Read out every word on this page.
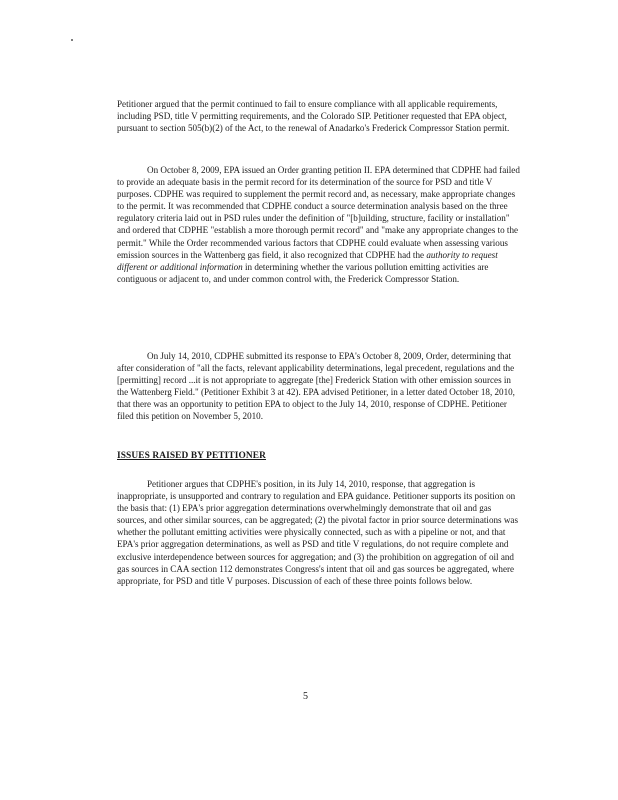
Petitioner argued that the permit continued to fail to ensure compliance with all applicable requirements, including PSD, title V permitting requirements, and the Colorado SIP. Petitioner requested that EPA object, pursuant to section 505(b)(2) of the Act, to the renewal of Anadarko's Frederick Compressor Station permit.

On October 8, 2009, EPA issued an Order granting petition II. EPA determined that CDPHE had failed to provide an adequate basis in the permit record for its determination of the source for PSD and title V purposes. CDPHE was required to supplement the permit record and, as necessary, make appropriate changes to the permit. It was recommended that CDPHE conduct a source determination analysis based on the three regulatory criteria laid out in PSD rules under the definition of "[b]uilding, structure, facility or installation" and ordered that CDPHE "establish a more thorough permit record" and "make any appropriate changes to the permit." While the Order recommended various factors that CDPHE could evaluate when assessing various emission sources in the Wattenberg gas field, it also recognized that CDPHE had the authority to request different or additional information in determining whether the various pollution emitting activities are contiguous or adjacent to, and under common control with, the Frederick Compressor Station.

On July 14, 2010, CDPHE submitted its response to EPA's October 8, 2009, Order, determining that after consideration of "all the facts, relevant applicability determinations, legal precedent, regulations and the [permitting] record ...it is not appropriate to aggregate [the] Frederick Station with other emission sources in the Wattenberg Field." (Petitioner Exhibit 3 at 42). EPA advised Petitioner, in a letter dated October 18, 2010, that there was an opportunity to petition EPA to object to the July 14, 2010, response of CDPHE. Petitioner filed this petition on November 5, 2010.

ISSUES RAISED BY PETITIONER

Petitioner argues that CDPHE's position, in its July 14, 2010, response, that aggregation is inappropriate, is unsupported and contrary to regulation and EPA guidance. Petitioner supports its position on the basis that: (1) EPA's prior aggregation determinations overwhelmingly demonstrate that oil and gas sources, and other similar sources, can be aggregated; (2) the pivotal factor in prior source determinations was whether the pollutant emitting activities were physically connected, such as with a pipeline or not, and that EPA's prior aggregation determinations, as well as PSD and title V regulations, do not require complete and exclusive interdependence between sources for aggregation; and (3) the prohibition on aggregation of oil and gas sources in CAA section 112 demonstrates Congress's intent that oil and gas sources be aggregated, where appropriate, for PSD and title V purposes. Discussion of each of these three points follows below.

5
